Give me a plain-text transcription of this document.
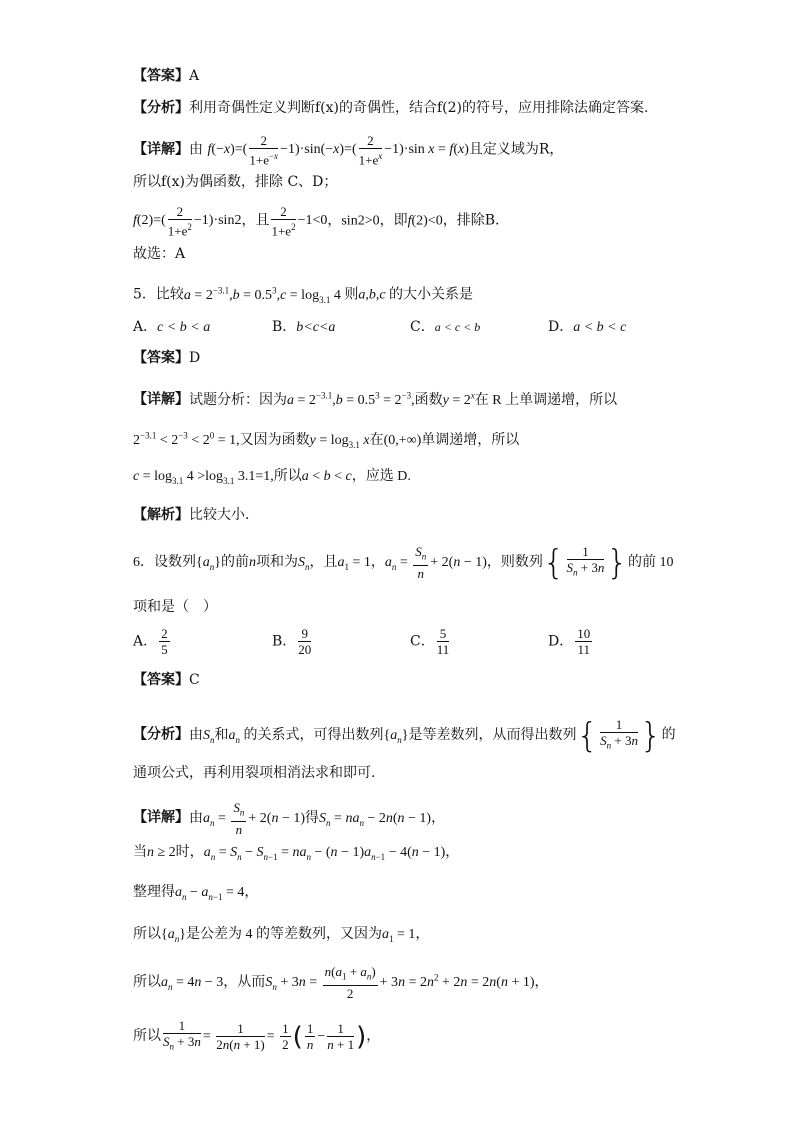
【答案】A
【分析】利用奇偶性定义判断f(x)的奇偶性，结合f(2)的符号，应用排除法确定答案.
【详解】由 $f(-x)=( \frac{2}{1+e^{-x}} -1)\cdot\sin(-x)=( \frac{2}{1+e^x} -1)\cdot\sin$ x = f(x)且定义域为R，
所以f(x)为偶函数，排除 C、D；
$f(2)=( \frac{2}{1+e^2} -1)\cdot\sin 2$，且 $\frac{2}{1+e^2} -1<0$，sin2>0，即f(2)<0，排除B.
故选：A
5．比较$a = 2^{-3.1},b = 0.5^3,c = \log_{3.1} 4$ 则a,b,c 的大小关系是
A．c < b < a	B．b<c<a	C．a < c < b	D．a < b < c
【答案】D
【详解】试题分析：因为$a = 2^{-3.1},b = 0.5^3 = 2^{-3}$,函数$y = 2^x$在 R 上单调递增，所以
$2^{-3.1} < 2^{-3} < 2^0 = 1$,又因为函数$y = \log_{3.1} x$在(0,+∞)单调递增，所以
$c = \log_{3.1} 4 >\log_{3.1}$ 3.1=1,所以a < b < c，应选 D.
【解析】比较大小.
6．设数列$\{a_n\}$的前n项和为$S_n$，且$a_1 = 1$，$a_n = \frac{S_n}{n} + 2(n - 1)$，则数列{ $\frac{1}{S_n + 3n}$ }的前 10
项和是（　）
A． $\frac{2}{5}$	B． $\frac{9}{20}$	C． $\frac{5}{11}$	D． $\frac{10}{11}$
【答案】C
【分析】由$S_n$和$a_n$ 的关系式，可得出数列$\{a_n\}$是等差数列，从而得出数列{ $\frac{1}{S_n + 3n}$ }的
通项公式，再利用裂项相消法求和即可.
【详解】由$a_n = \frac{S_n}{n} + 2(n - 1)$得$S_n = na_n - 2n(n - 1)$，
当n ≥ 2时，$a_n = S_n - S_{n-1} = na_n - (n - 1)a_{n-1} - 4(n - 1)$，
整理得$a_n - a_{n-1} = 4$，
所以$\{a_n\}$是公差为 4 的等差数列，又因为$a_1 = 1$，
所以$a_n = 4n - 3$，从而$S_n + 3n = \frac{n(a_1 + a_n)}{2} + 3n = 2n^2 + 2n = 2n(n + 1)$，
所以 $\frac{1}{S_n + 3n} = \frac{1}{2n(n + 1)} = \frac{1}{2}$ ( $\frac{1}{n} - \frac{1}{n + 1}$ )，
